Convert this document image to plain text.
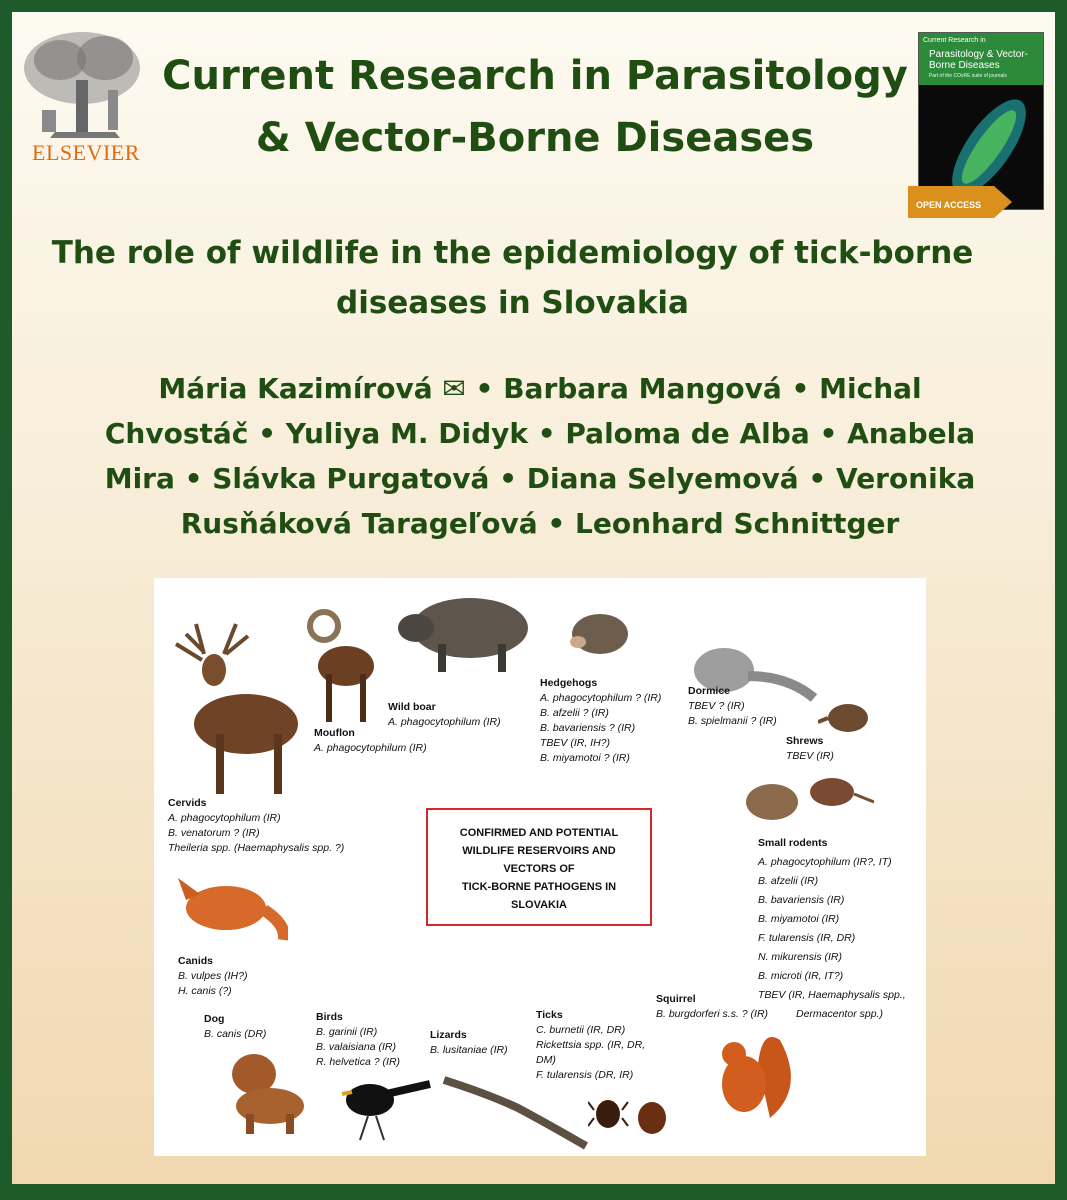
ELSEVIER
Current Research in Parasitology
& Vector-Borne Diseases
Current Research in
Parasitology & Vector-Borne Diseases
Part of the COvRE suite of journals
OPEN ACCESS
The role of wildlife in the epidemiology of tick-borne
diseases in Slovakia
Mária Kazimírová ✉ • Barbara Mangová • Michal
Chvostáč • Yuliya M. Didyk • Paloma de Alba • Anabela
Mira • Slávka Purgatová • Diana Selyemová • Veronika
Rusňáková Tarageľová • Leonhard Schnittger
Cervids
A. phagocytophilum (IR)
B. venatorum ? (IR)
Theileria spp. (Haemaphysalis spp. ?)
Mouflon
A. phagocytophilum (IR)
Wild boar
A. phagocytophilum (IR)
Hedgehogs
A. phagocytophilum ? (IR)
B. afzelii ? (IR)
B. bavariensis ? (IR)
TBEV (IR, IH?)
B. miyamotoi ? (IR)
Dormice
TBEV ? (IR)
B. spielmanii ? (IR)
Shrews
TBEV (IR)
Small rodents
A. phagocytophilum (IR?, IT)
B. afzelii (IR)
B. bavariensis (IR)
B. miyamotoi (IR)
F. tularensis (IR, DR)
N. mikurensis (IR)
B. microti (IR, IT?)
TBEV (IR, Haemaphysalis spp.,
Dermacentor spp.)
Canids
B. vulpes (IH?)
H. canis (?)
Dog
B. canis (DR)
Birds
B. garinii (IR)
B. valaisiana (IR)
R. helvetica ? (IR)
Lizards
B. lusitaniae (IR)
Ticks
C. burnetii (IR, DR)
Rickettsia spp. (IR, DR,
DM)
F. tularensis (DR, IR)
Squirrel
B. burgdorferi s.s. ? (IR)
CONFIRMED AND POTENTIAL
WILDLIFE RESERVOIRS AND
VECTORS OF
TICK-BORNE PATHOGENS IN
SLOVAKIA
